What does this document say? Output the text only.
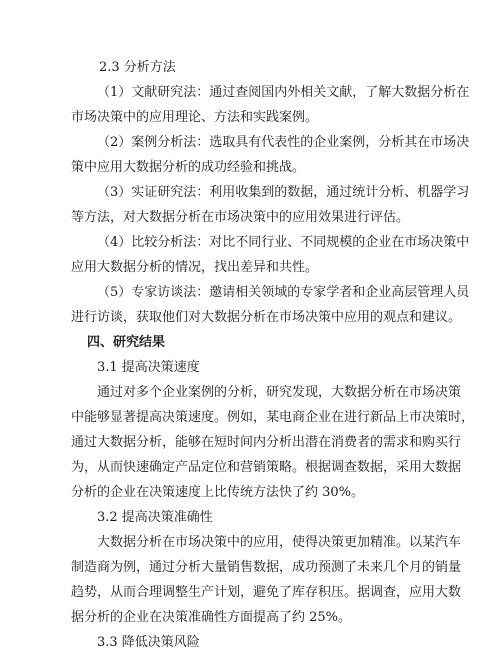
2.3 分析方法
（1）文献研究法：通过查阅国内外相关文献，了解大数据分析在
市场决策中的应用理论、方法和实践案例。
（2）案例分析法：选取具有代表性的企业案例，分析其在市场决
策中应用大数据分析的成功经验和挑战。
（3）实证研究法：利用收集到的数据，通过统计分析、机器学习
等方法，对大数据分析在市场决策中的应用效果进行评估。
（4）比较分析法：对比不同行业、不同规模的企业在市场决策中
应用大数据分析的情况，找出差异和共性。
（5）专家访谈法：邀请相关领域的专家学者和企业高层管理人员
进行访谈，获取他们对大数据分析在市场决策中应用的观点和建议。
四、研究结果
3.1 提高决策速度
通过对多个企业案例的分析，研究发现，大数据分析在市场决策
中能够显著提高决策速度。例如，某电商企业在进行新品上市决策时，
通过大数据分析，能够在短时间内分析出潜在消费者的需求和购买行
为，从而快速确定产品定位和营销策略。根据调查数据，采用大数据
分析的企业在决策速度上比传统方法快了约 30%。
3.2 提高决策准确性
大数据分析在市场决策中的应用，使得决策更加精准。以某汽车
制造商为例，通过分析大量销售数据，成功预测了未来几个月的销量
趋势，从而合理调整生产计划，避免了库存积压。据调查，应用大数
据分析的企业在决策准确性方面提高了约 25%。
3.3 降低决策风险
